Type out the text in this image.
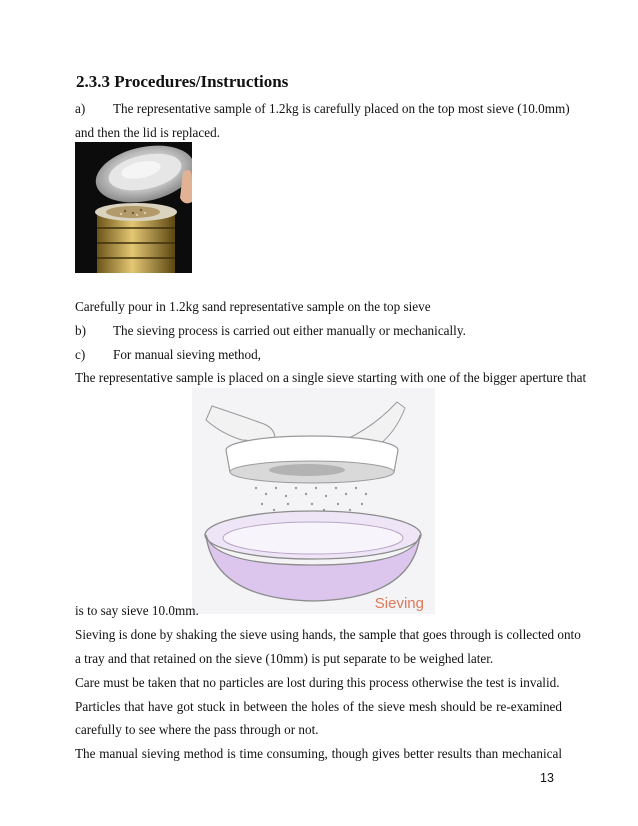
2.3.3 Procedures/Instructions
a) The representative sample of 1.2kg is carefully placed on the top most sieve (10.0mm)
and then the lid is replaced.
Carefully pour in 1.2kg sand representative sample on the top sieve
b) The sieving process is carried out either manually or mechanically.
c) For manual sieving method,
The representative sample is placed on a single sieve starting with one of the bigger aperture that
Sieving
is to say sieve 10.0mm.
Sieving is done by shaking the sieve using hands, the sample that goes through is collected onto
a tray and that retained on the sieve (10mm) is put separate to be weighed later.
Care must be taken that no particles are lost during this process otherwise the test is invalid.
Particles that have got stuck in between the holes of the sieve mesh should be re-examined
carefully to see where the pass through or not.
The manual sieving method is time consuming, though gives better results than mechanical
13
